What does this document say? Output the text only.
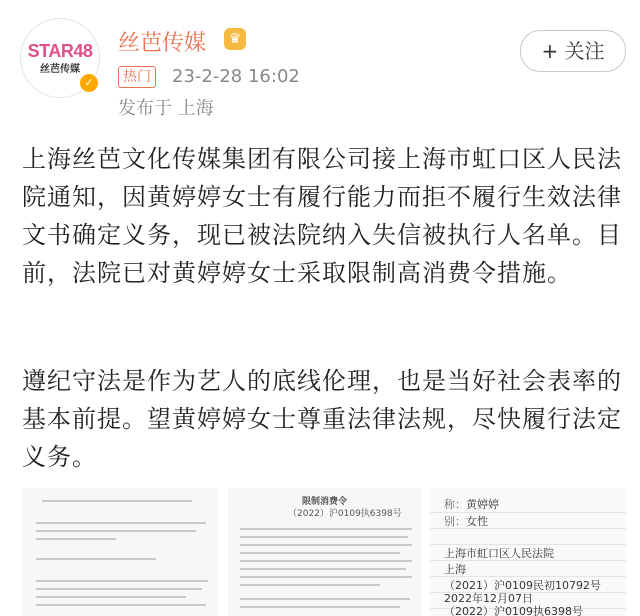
STAR48
丝芭传媒
✓
丝芭传媒	♛
热门 23-2-28 16:02
发布于 上海
+ 关注
上海丝芭文化传媒集团有限公司接上海市虹口区人民法院通知，因黄婷婷女士有履行能力而拒不履行生效法律文书确定义务，现已被法院纳入失信被执行人名单。目前，法院已对黄婷婷女士采取限制高消费令措施。
遵纪守法是作为艺人的底线伦理，也是当好社会表率的基本前提。望黄婷婷女士尊重法律法规，尽快履行法定义务。
限制消费令
（2022）沪0109执6398号
称：黄婷婷
别：女性
上海市虹口区人民法院
上海
（2021）沪0109民初10792号
2022年12月07日
（2022）沪0109执6398号
